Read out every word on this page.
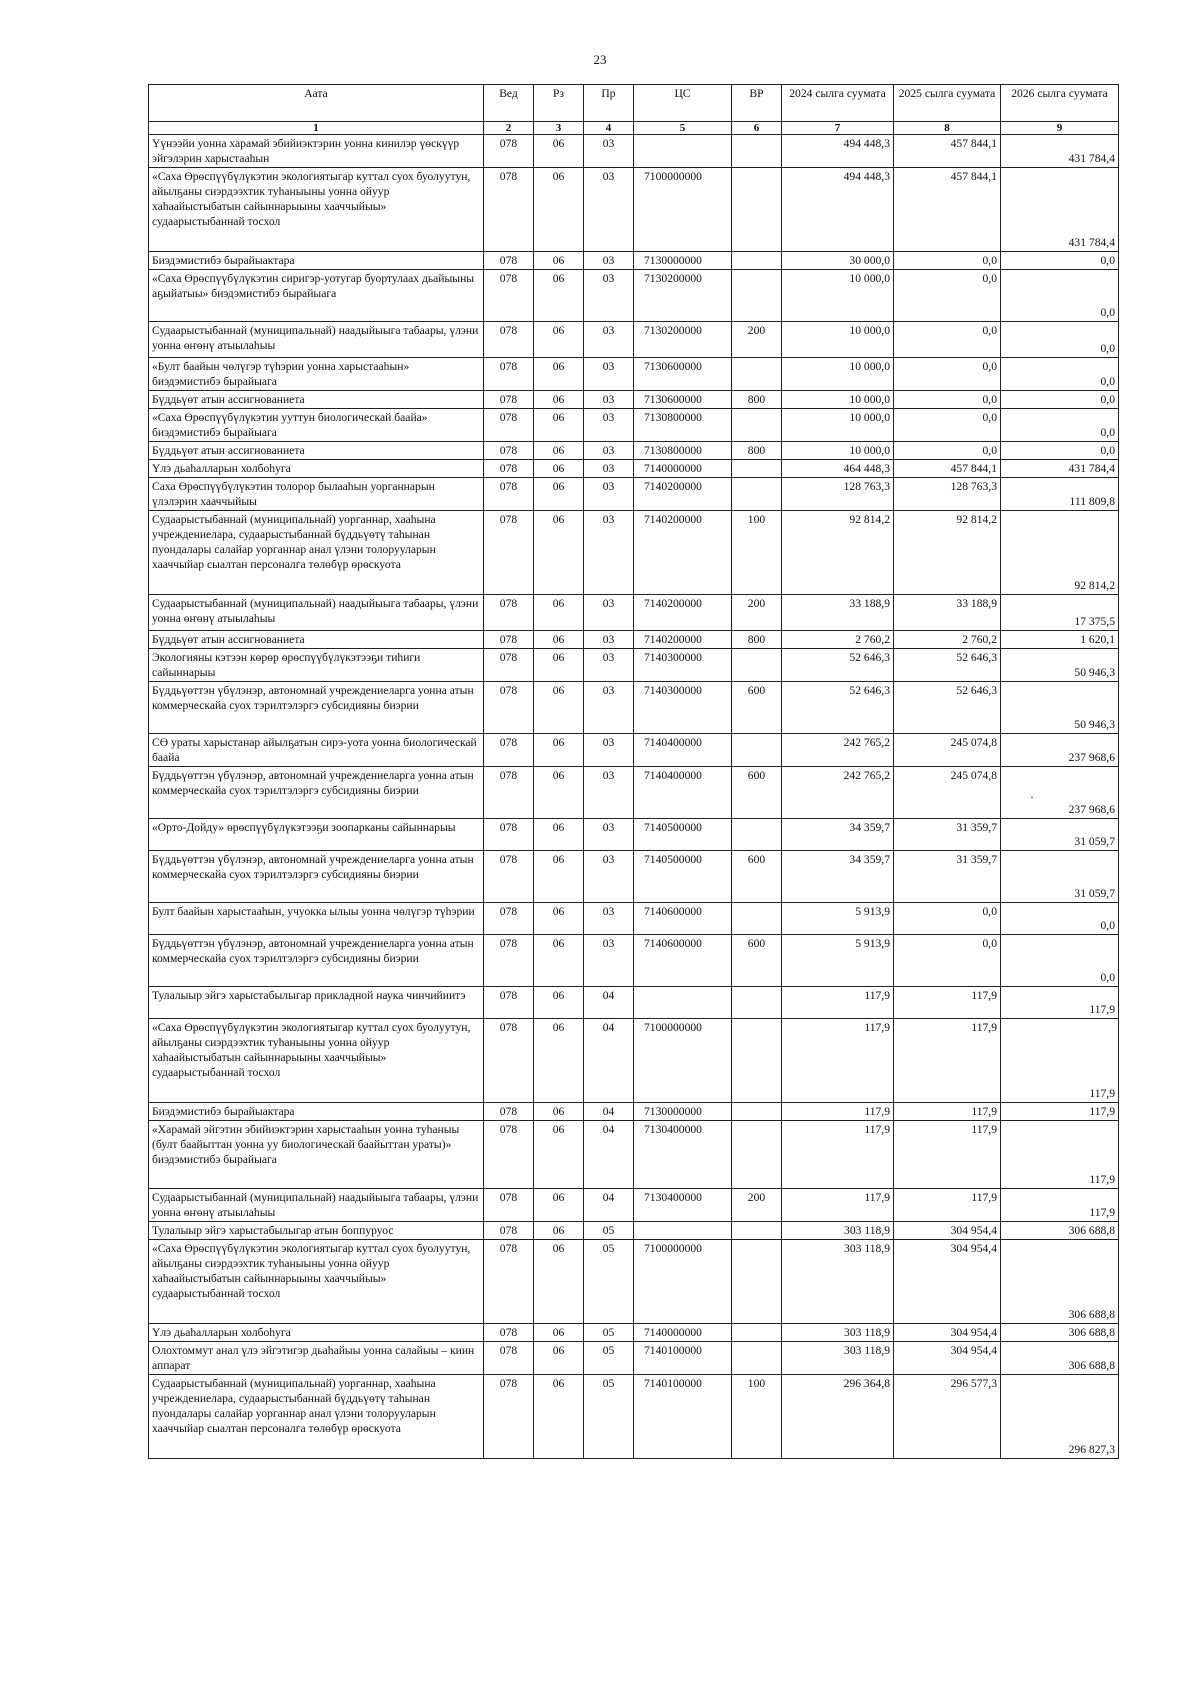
23
Аата	Вед	Рз	Пр	ЦС	ВР	2024 сылга суумата	2025 сылга суумата	2026 сылга суумата
1	2	3	4	5	6	7	8	9
Үүнээйи уонна харамай эбийиэктэрин уонна кинилэр үөскүүр эйгэлэрин харыстааһын	078	06	03			494 448,3	457 844,1	431 784,4
«Саха Өрөспүүбүлүкэтин экологиятыгар куттал суох буолуутун, айылҕаны сиэрдээхтик туһаныыны уонна ойуур хаһаайыстыбатын сайыннарыыны хааччыйыы» судаарыстыбаннай тосхол	078	06	03	7100000000		494 448,3	457 844,1	431 784,4
Биэдэмистибэ бырайыактара	078	06	03	7130000000		30 000,0	0,0	0,0
«Саха Өрөспүүбүлүкэтин сиригэр-уотугар буортулаах дьайыыны аҕыйатыы» биэдэмистибэ бырайыага	078	06	03	7130200000		10 000,0	0,0	0,0
Судаарыстыбаннай (муниципальнай) наадыйыыга табаары, үлэни уонна өҥөнү атыылаһыы	078	06	03	7130200000	200	10 000,0	0,0	0,0
«Булт баайын чөлүгэр түһэрии уонна харыстааһын» биэдэмистибэ бырайыага	078	06	03	7130600000		10 000,0	0,0	0,0
Бүддьүөт атын ассигнованиета	078	06	03	7130600000	800	10 000,0	0,0	0,0
«Саха Өрөспүүбүлүкэтин ууттун биологическай баайа» биэдэмистибэ бырайыага	078	06	03	7130800000		10 000,0	0,0	0,0
Бүддьүөт атын ассигнованиета	078	06	03	7130800000	800	10 000,0	0,0	0,0
Үлэ дьаһалларын холбоһуга	078	06	03	7140000000		464 448,3	457 844,1	431 784,4
Саха Өрөспүүбүлүкэтин толорор былааһын уорганнарын үлэлэрин хааччыйыы	078	06	03	7140200000		128 763,3	128 763,3	111 809,8
Судаарыстыбаннай (муниципальнай) уорганнар, хааһына учреждениелара, судаарыстыбаннай бүддьүөтү таһынан пуондалары салайар уорганнар анал үлэни толорууларын хааччыйар сыалтан персоналга төлөбүр өрөскуота	078	06	03	7140200000	100	92 814,2	92 814,2	92 814,2
Судаарыстыбаннай (муниципальнай) наадыйыыга табаары, үлэни уонна өҥөнү атыылаһыы	078	06	03	7140200000	200	33 188,9	33 188,9	17 375,5
Бүддьүөт атын ассигнованиета	078	06	03	7140200000	800	2 760,2	2 760,2	1 620,1
Экологияны кэтээн көрөр өрөспүүбүлүкэтээҕи тиһиги сайыннарыы	078	06	03	7140300000		52 646,3	52 646,3	50 946,3
Бүддьүөттэн үбүлэнэр, автономнай учреждениеларга уонна атын коммерческайа суох тэрилтэлэргэ субсидияны биэрии	078	06	03	7140300000	600	52 646,3	52 646,3	50 946,3
СӨ ураты харыстанар айылҕатын сирэ-уота уонна биологическай баайа	078	06	03	7140400000		242 765,2	245 074,8	237 968,6
Бүддьүөттэн үбүлэнэр, автономнай учреждениеларга уонна атын коммерческайа суох тэрилтэлэргэ субсидияны биэрии	078	06	03	7140400000	600	242 765,2	245 074,8	237 968,6
«Орто-Дойду» өрөспүүбүлүкэтээҕи зоопарканы сайыннарыы	078	06	03	7140500000		34 359,7	31 359,7	31 059,7
Бүддьүөттэн үбүлэнэр, автономнай учреждениеларга уонна атын коммерческайа суох тэрилтэлэргэ субсидияны биэрии	078	06	03	7140500000	600	34 359,7	31 359,7	31 059,7
Булт баайын харыстааһын, учуокка ылыы уонна чөлүгэр түһэрии	078	06	03	7140600000		5 913,9	0,0	0,0
Бүддьүөттэн үбүлэнэр, автономнай учреждениеларга уонна атын коммерческайа суох тэрилтэлэргэ субсидияны биэрии	078	06	03	7140600000	600	5 913,9	0,0	0,0
Тулалыыр эйгэ харыстабылыгар прикладной наука чинчийиитэ	078	06	04			117,9	117,9	117,9
«Саха Өрөспүүбүлүкэтин экологиятыгар куттал суох буолуутун, айылҕаны сиэрдээхтик туһаныыны уонна ойуур хаһаайыстыбатын сайыннарыыны хааччыйыы» судаарыстыбаннай тосхол	078	06	04	7100000000		117,9	117,9	117,9
Биэдэмистибэ бырайыактара	078	06	04	7130000000		117,9	117,9	117,9
«Харамай эйгэтин эбийиэктэрин харыстааһын уонна туһаныы (булт баайыттан уонна уу биологическай баайыттан ураты)» биэдэмистибэ бырайыага	078	06	04	7130400000		117,9	117,9	117,9
Судаарыстыбаннай (муниципальнай) наадыйыыга табаары, үлэни уонна өҥөнү атыылаһыы	078	06	04	7130400000	200	117,9	117,9	117,9
Тулалыыр эйгэ харыстабылыгар атын боппуруос	078	06	05			303 118,9	304 954,4	306 688,8
«Саха Өрөспүүбүлүкэтин экологиятыгар куттал суох буолуутун, айылҕаны сиэрдээхтик туһаныыны уонна ойуур хаһаайыстыбатын сайыннарыыны хааччыйыы» судаарыстыбаннай тосхол	078	06	05	7100000000		303 118,9	304 954,4	306 688,8
Үлэ дьаһалларын холбоһуга	078	06	05	7140000000		303 118,9	304 954,4	306 688,8
Олохтоммут анал үлэ эйгэтигэр дьаһайыы уонна салайыы – киин аппарат	078	06	05	7140100000		303 118,9	304 954,4	306 688,8
Судаарыстыбаннай (муниципальнай) уорганнар, хааһына учреждениелара, судаарыстыбаннай бүддьүөтү таһынан пуондалары салайар уорганнар анал үлэни толорууларын хааччыйар сыалтан персоналга төлөбүр өрөскуота	078	06	05	7140100000	100	296 364,8	296 577,3	296 827,3
·
